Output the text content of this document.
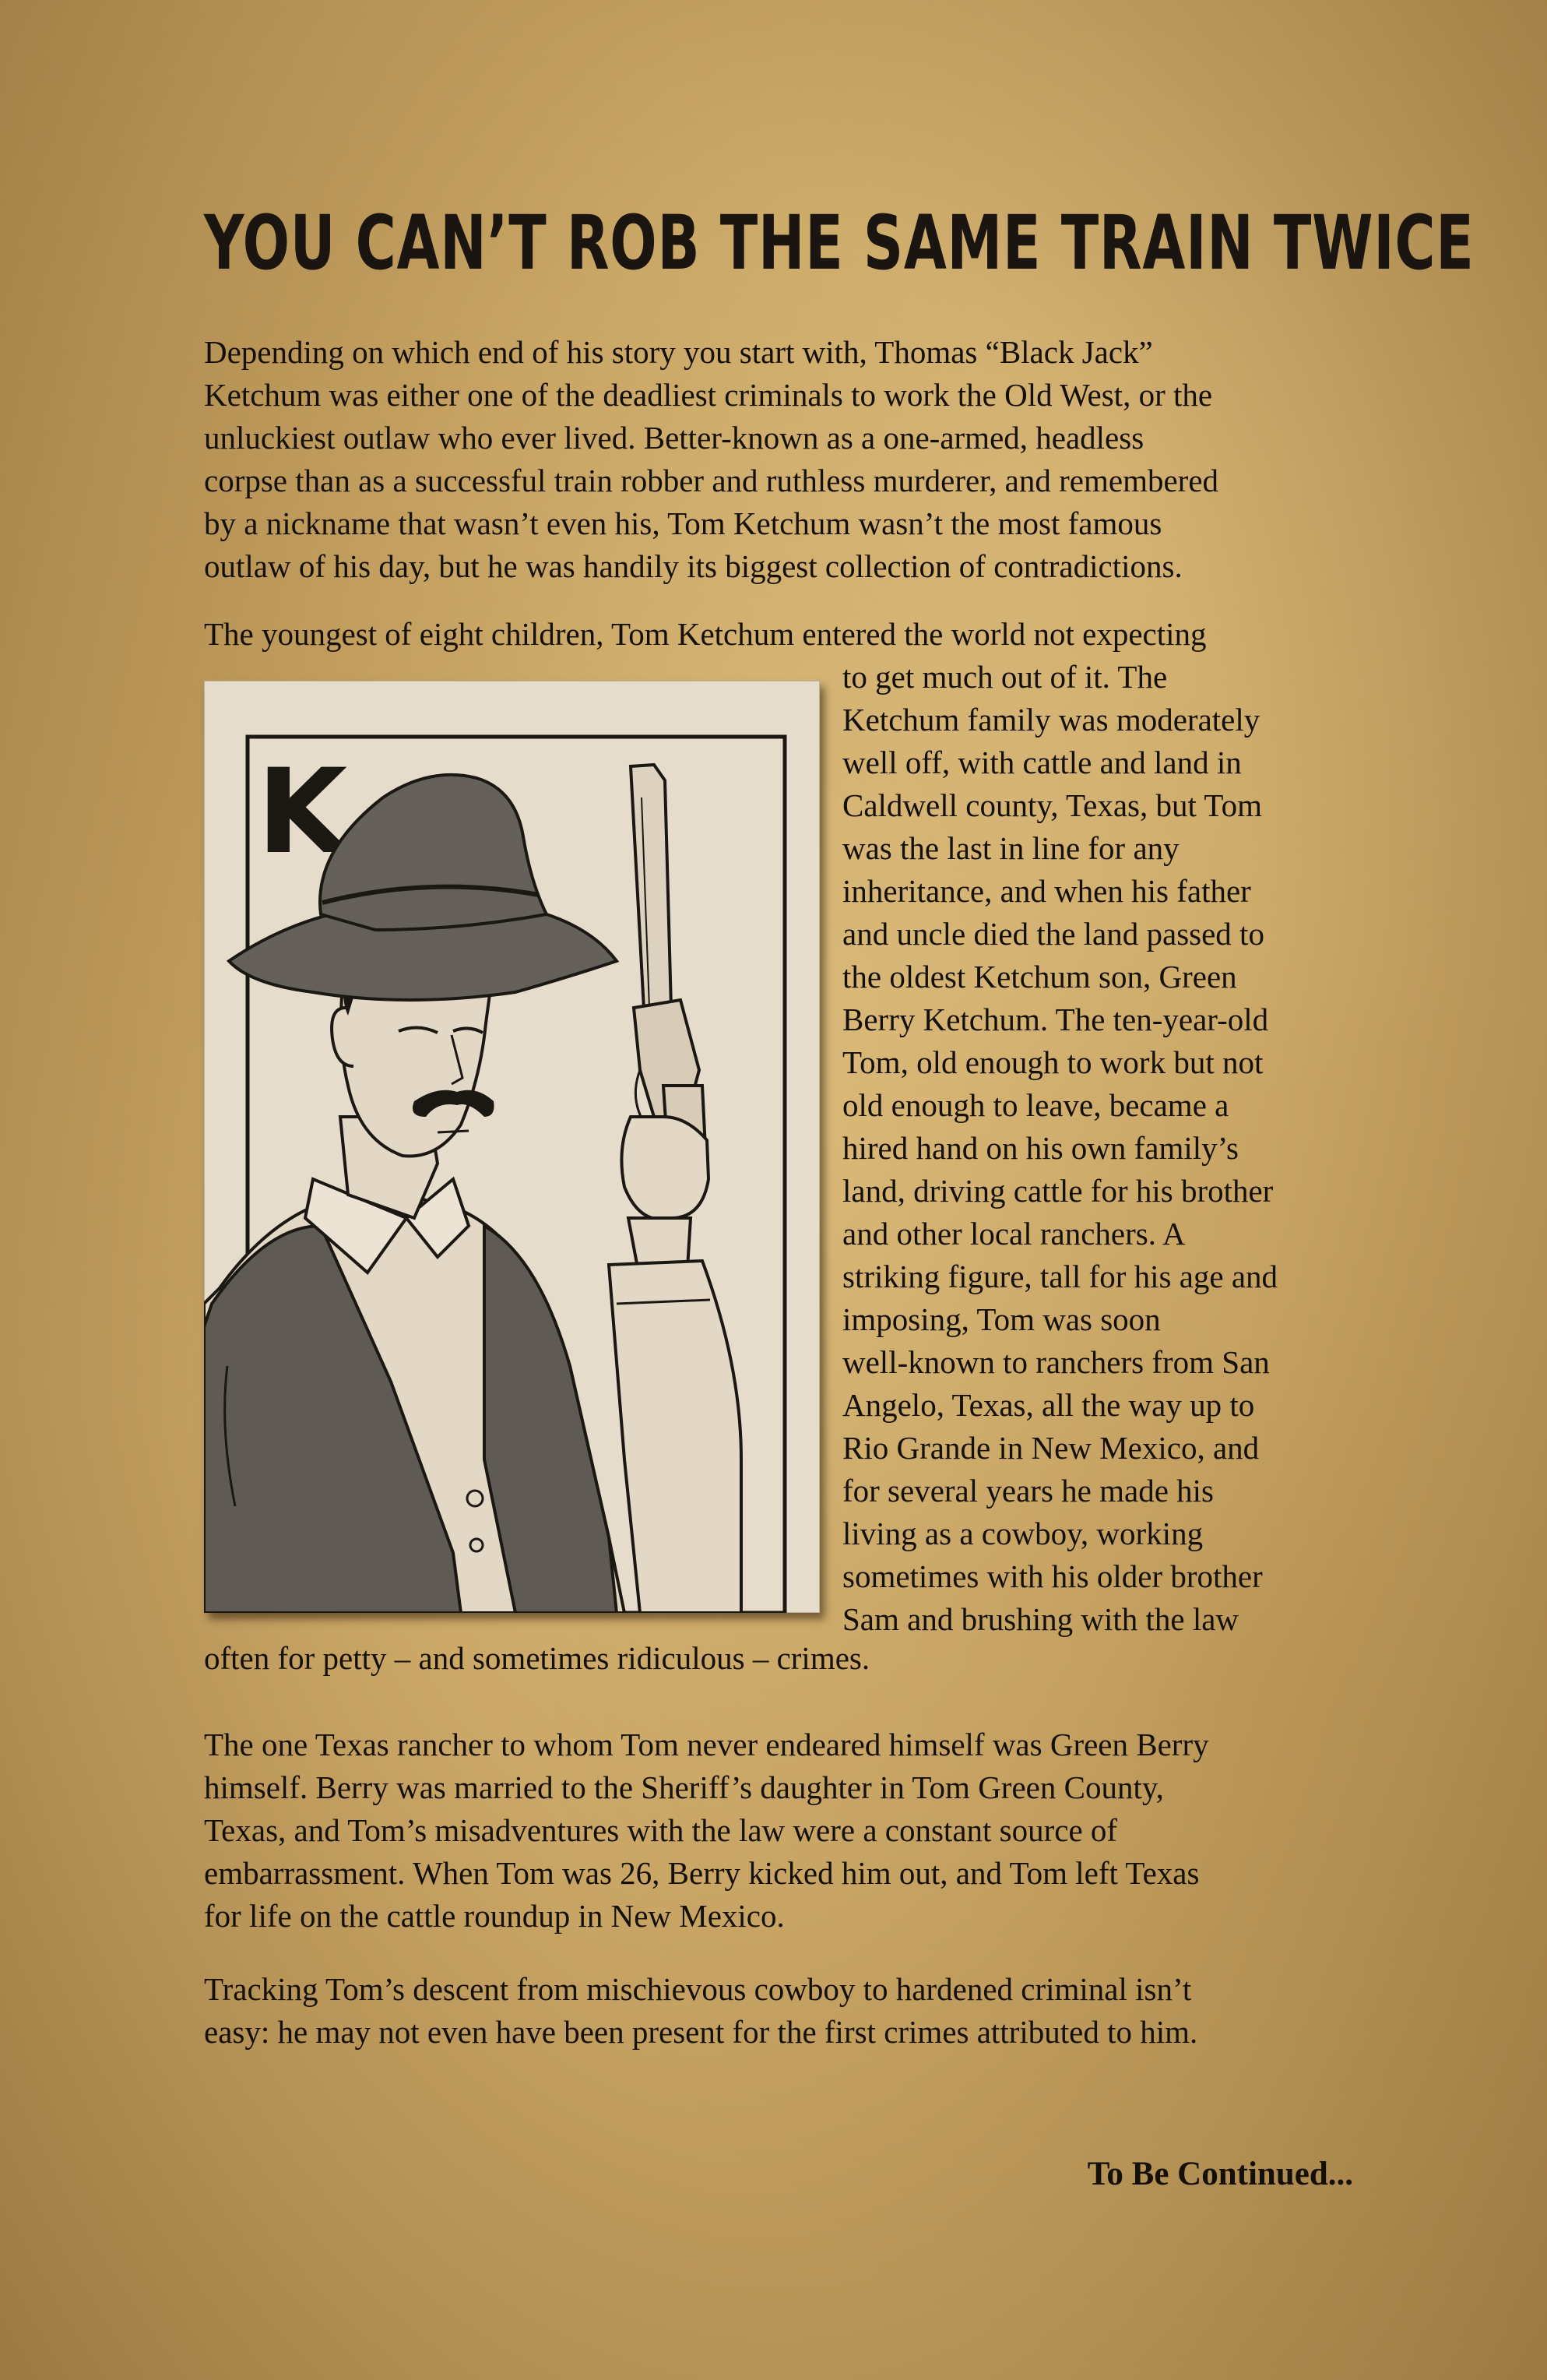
YOU CAN’T ROB THE SAME TRAIN TWICE

Depending on which end of his story you start with, Thomas “Black Jack”
Ketchum was either one of the deadliest criminals to work the Old West, or the
unluckiest outlaw who ever lived. Better-known as a one-armed, headless
corpse than as a successful train robber and ruthless murderer, and remembered
by a nickname that wasn’t even his, Tom Ketchum wasn’t the most famous
outlaw of his day, but he was handily its biggest collection of contradictions.

The youngest of eight children, Tom Ketchum entered the world not expecting

K

to get much out of it. The
Ketchum family was moderately
well off, with cattle and land in
Caldwell county, Texas, but Tom
was the last in line for any
inheritance, and when his father
and uncle died the land passed to
the oldest Ketchum son, Green
Berry Ketchum. The ten-year-old
Tom, old enough to work but not
old enough to leave, became a
hired hand on his own family’s
land, driving cattle for his brother
and other local ranchers. A
striking figure, tall for his age and
imposing, Tom was soon
well-known to ranchers from San
Angelo, Texas, all the way up to
Rio Grande in New Mexico, and
for several years he made his
living as a cowboy, working
sometimes with his older brother
Sam and brushing with the law

often for petty – and sometimes ridiculous – crimes.

The one Texas rancher to whom Tom never endeared himself was Green Berry
himself. Berry was married to the Sheriff’s daughter in Tom Green County,
Texas, and Tom’s misadventures with the law were a constant source of
embarrassment. When Tom was 26, Berry kicked him out, and Tom left Texas
for life on the cattle roundup in New Mexico.

Tracking Tom’s descent from mischievous cowboy to hardened criminal isn’t
easy: he may not even have been present for the first crimes attributed to him.

To Be Continued...
